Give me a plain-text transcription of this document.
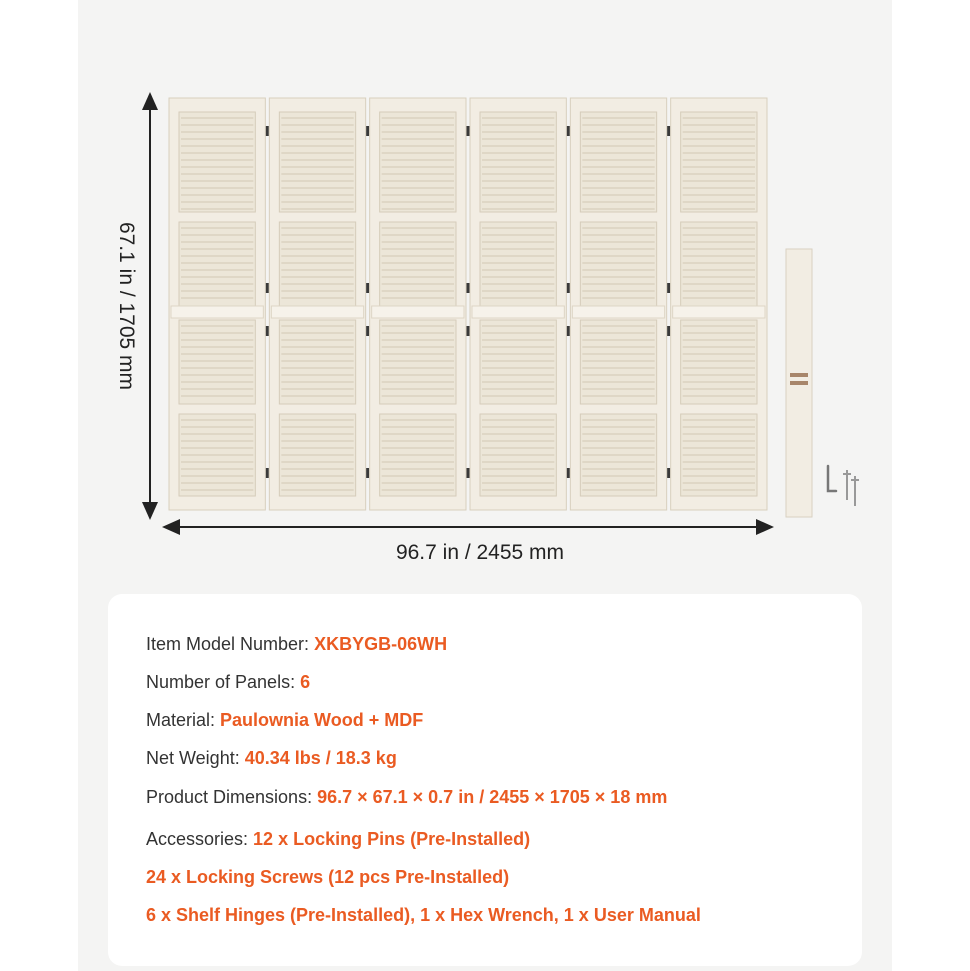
67.1 in / 1705 mm
96.7 in / 2455 mm
Item Model Number: XKBYGB-06WH
Number of Panels: 6
Material: Paulownia Wood + MDF
Net Weight: 40.34 lbs / 18.3 kg
Product Dimensions: 96.7 × 67.1 × 0.7 in / 2455 × 1705 × 18 mm
Accessories: 12 x Locking Pins (Pre-Installed)
24 x Locking Screws (12 pcs Pre-Installed)
6 x Shelf Hinges (Pre-Installed), 1 x Hex Wrench, 1 x User Manual
